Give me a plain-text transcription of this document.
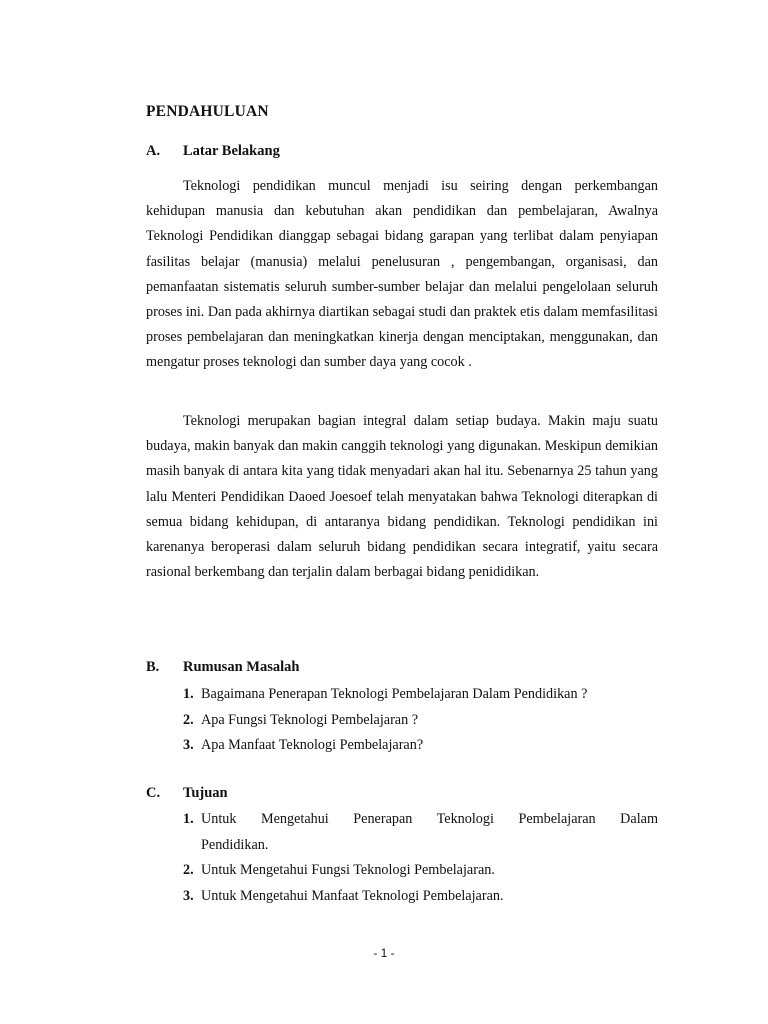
PENDAHULUAN
A. Latar Belakang

Teknologi pendidikan muncul menjadi isu seiring dengan perkembangan kehidupan manusia dan kebutuhan akan pendidikan dan pembelajaran, Awalnya Teknologi Pendidikan dianggap sebagai bidang garapan yang terlibat dalam penyiapan fasilitas belajar (manusia) melalui penelusuran , pengembangan, organisasi, dan pemanfaatan sistematis seluruh sumber-sumber belajar dan melalui pengelolaan seluruh proses ini. Dan pada akhirnya diartikan sebagai studi dan praktek etis dalam memfasilitasi proses pembelajaran dan meningkatkan kinerja dengan menciptakan, menggunakan, dan mengatur proses teknologi dan sumber daya yang cocok .

Teknologi merupakan bagian integral dalam setiap budaya. Makin maju suatu budaya, makin banyak dan makin canggih teknologi yang digunakan. Meskipun demikian masih banyak di antara kita yang tidak menyadari akan hal itu. Sebenarnya 25 tahun yang lalu Menteri Pendidikan Daoed Joesoef telah menyatakan bahwa Teknologi diterapkan di semua bidang kehidupan, di antaranya bidang pendidikan. Teknologi pendidikan ini karenanya beroperasi dalam seluruh bidang pendidikan secara integratif, yaitu secara rasional berkembang dan terjalin dalam berbagai bidang penididikan.

B. Rumusan Masalah
1. Bagaimana Penerapan Teknologi Pembelajaran Dalam Pendidikan ?
2. Apa Fungsi Teknologi Pembelajaran ?
3. Apa Manfaat Teknologi Pembelajaran?
C. Tujuan
1. Untuk Mengetahui Penerapan Teknologi Pembelajaran Dalam
Pendidikan.
2. Untuk Mengetahui Fungsi Teknologi Pembelajaran.
3. Untuk Mengetahui Manfaat Teknologi Pembelajaran.
- 1 -
